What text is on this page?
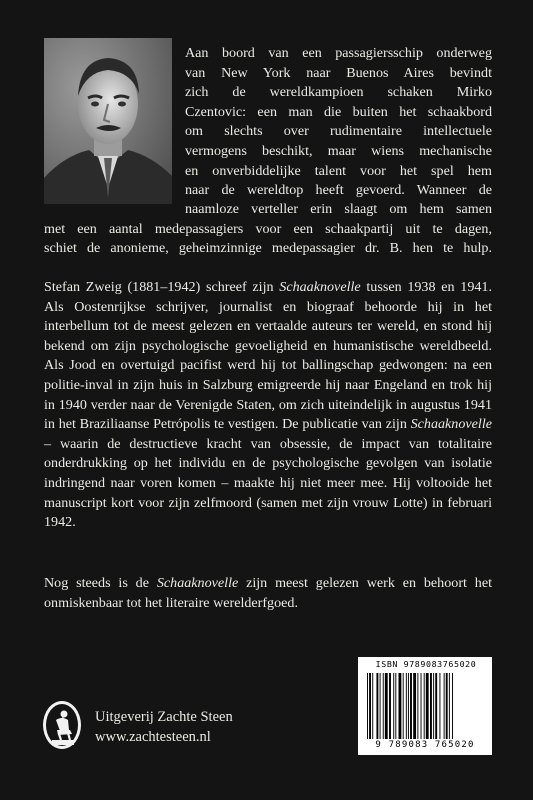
Aan boord van een passagiersschip onderweg
van New York naar Buenos Aires bevindt
zich de wereldkampioen schaken Mirko
Czentovic: een man die buiten het schaakbord
om slechts over rudimentaire intellectuele
vermogens beschikt, maar wiens mechanische
en onverbiddelijke talent voor het spel hem
naar de wereldtop heeft gevoerd. Wanneer de

naamloze verteller erin slaagt om hem samen
met een aantal medepassagiers voor een schaakpartij uit te dagen,
schiet de anonieme, geheimzinnige medepassagier dr. B. hen te hulp.

Stefan Zweig (1881–1942) schreef zijn Schaaknovelle tussen 1938 en 1941. Als Oostenrijkse schrijver, journalist en biograaf behoorde hij in het interbellum tot de meest gelezen en vertaalde auteurs ter wereld, en stond hij bekend om zijn psychologische gevoeligheid en humanistische wereldbeeld. Als Jood en overtuigd pacifist werd hij tot ballingschap gedwongen: na een politie-inval in zijn huis in Salzburg emigreerde hij naar Engeland en trok hij in 1940 verder naar de Verenigde Staten, om zich uiteindelijk in augustus 1941 in het Braziliaanse Petrópolis te vestigen. De publicatie van zijn Schaaknovelle – waarin de destructieve kracht van obsessie, de impact van totalitaire onderdrukking op het individu en de psychologische gevolgen van isolatie indringend naar voren komen – maakte hij niet meer mee. Hij voltooide het manuscript kort voor zijn zelfmoord (samen met zijn vrouw Lotte) in februari 1942.

Nog steeds is de Schaaknovelle zijn meest gelezen werk en behoort het onmiskenbaar tot het literaire werelderfgoed.

Uitgeverij Zachte Steen
www.zachtesteen.nl
ISBN 9789083765020
9 789083 765020
